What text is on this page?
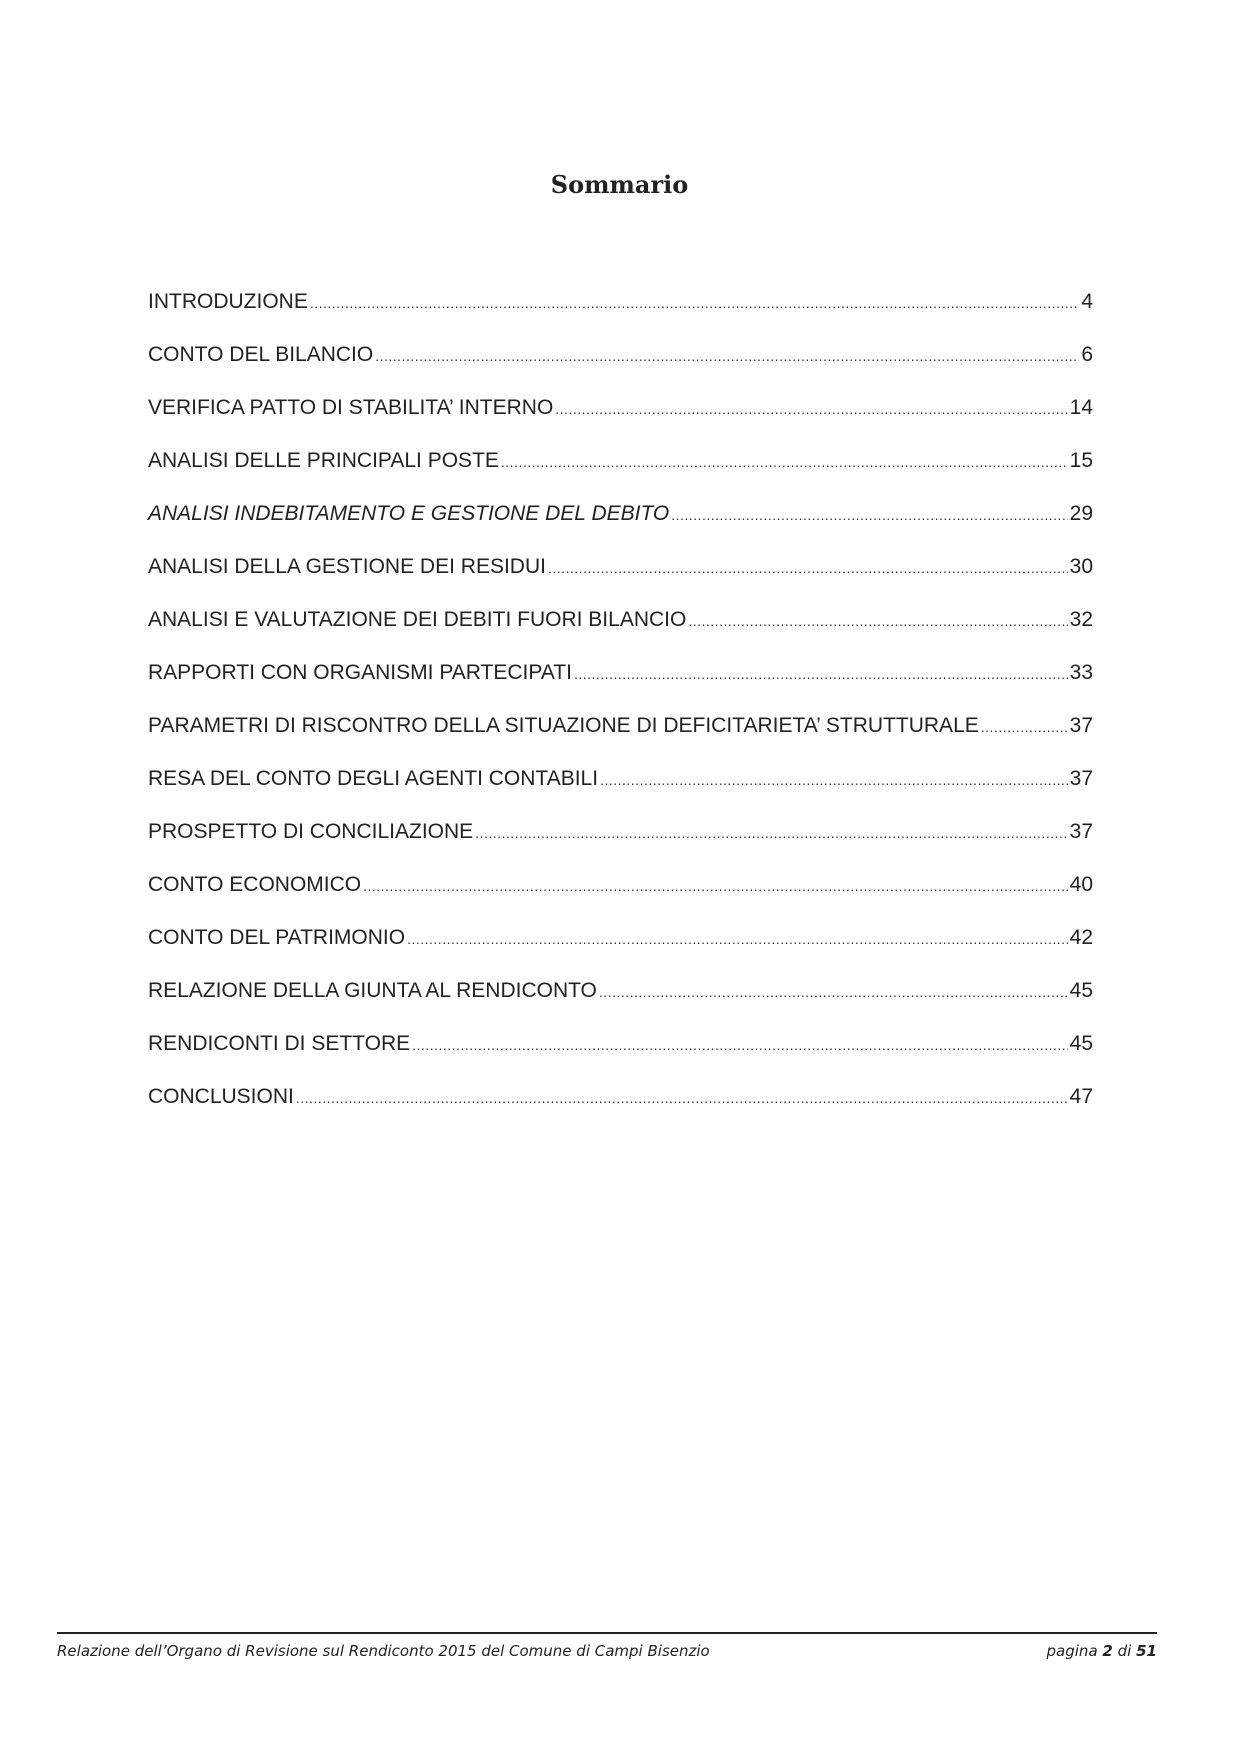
Sommario
INTRODUZIONE .....	4
CONTO DEL BILANCIO .....	6
VERIFICA PATTO DI STABILITA’ INTERNO .....	14
ANALISI DELLE PRINCIPALI POSTE .....	15
ANALISI INDEBITAMENTO E GESTIONE DEL DEBITO .....	29
ANALISI DELLA GESTIONE DEI RESIDUI .....	30
ANALISI E VALUTAZIONE DEI DEBITI FUORI BILANCIO .....	32
RAPPORTI CON ORGANISMI PARTECIPATI .....	33
PARAMETRI DI RISCONTRO DELLA SITUAZIONE DI DEFICITARIETA’ STRUTTURALE .....	37
RESA DEL CONTO DEGLI AGENTI CONTABILI .....	37
PROSPETTO DI CONCILIAZIONE .....	37
CONTO ECONOMICO .....	40
CONTO DEL PATRIMONIO .....	42
RELAZIONE DELLA GIUNTA AL RENDICONTO .....	45
RENDICONTI DI SETTORE .....	45
CONCLUSIONI .....	47
Relazione dell’Organo di Revisione sul Rendiconto 2015 del Comune di Campi Bisenzio	pagina 2 di 51
